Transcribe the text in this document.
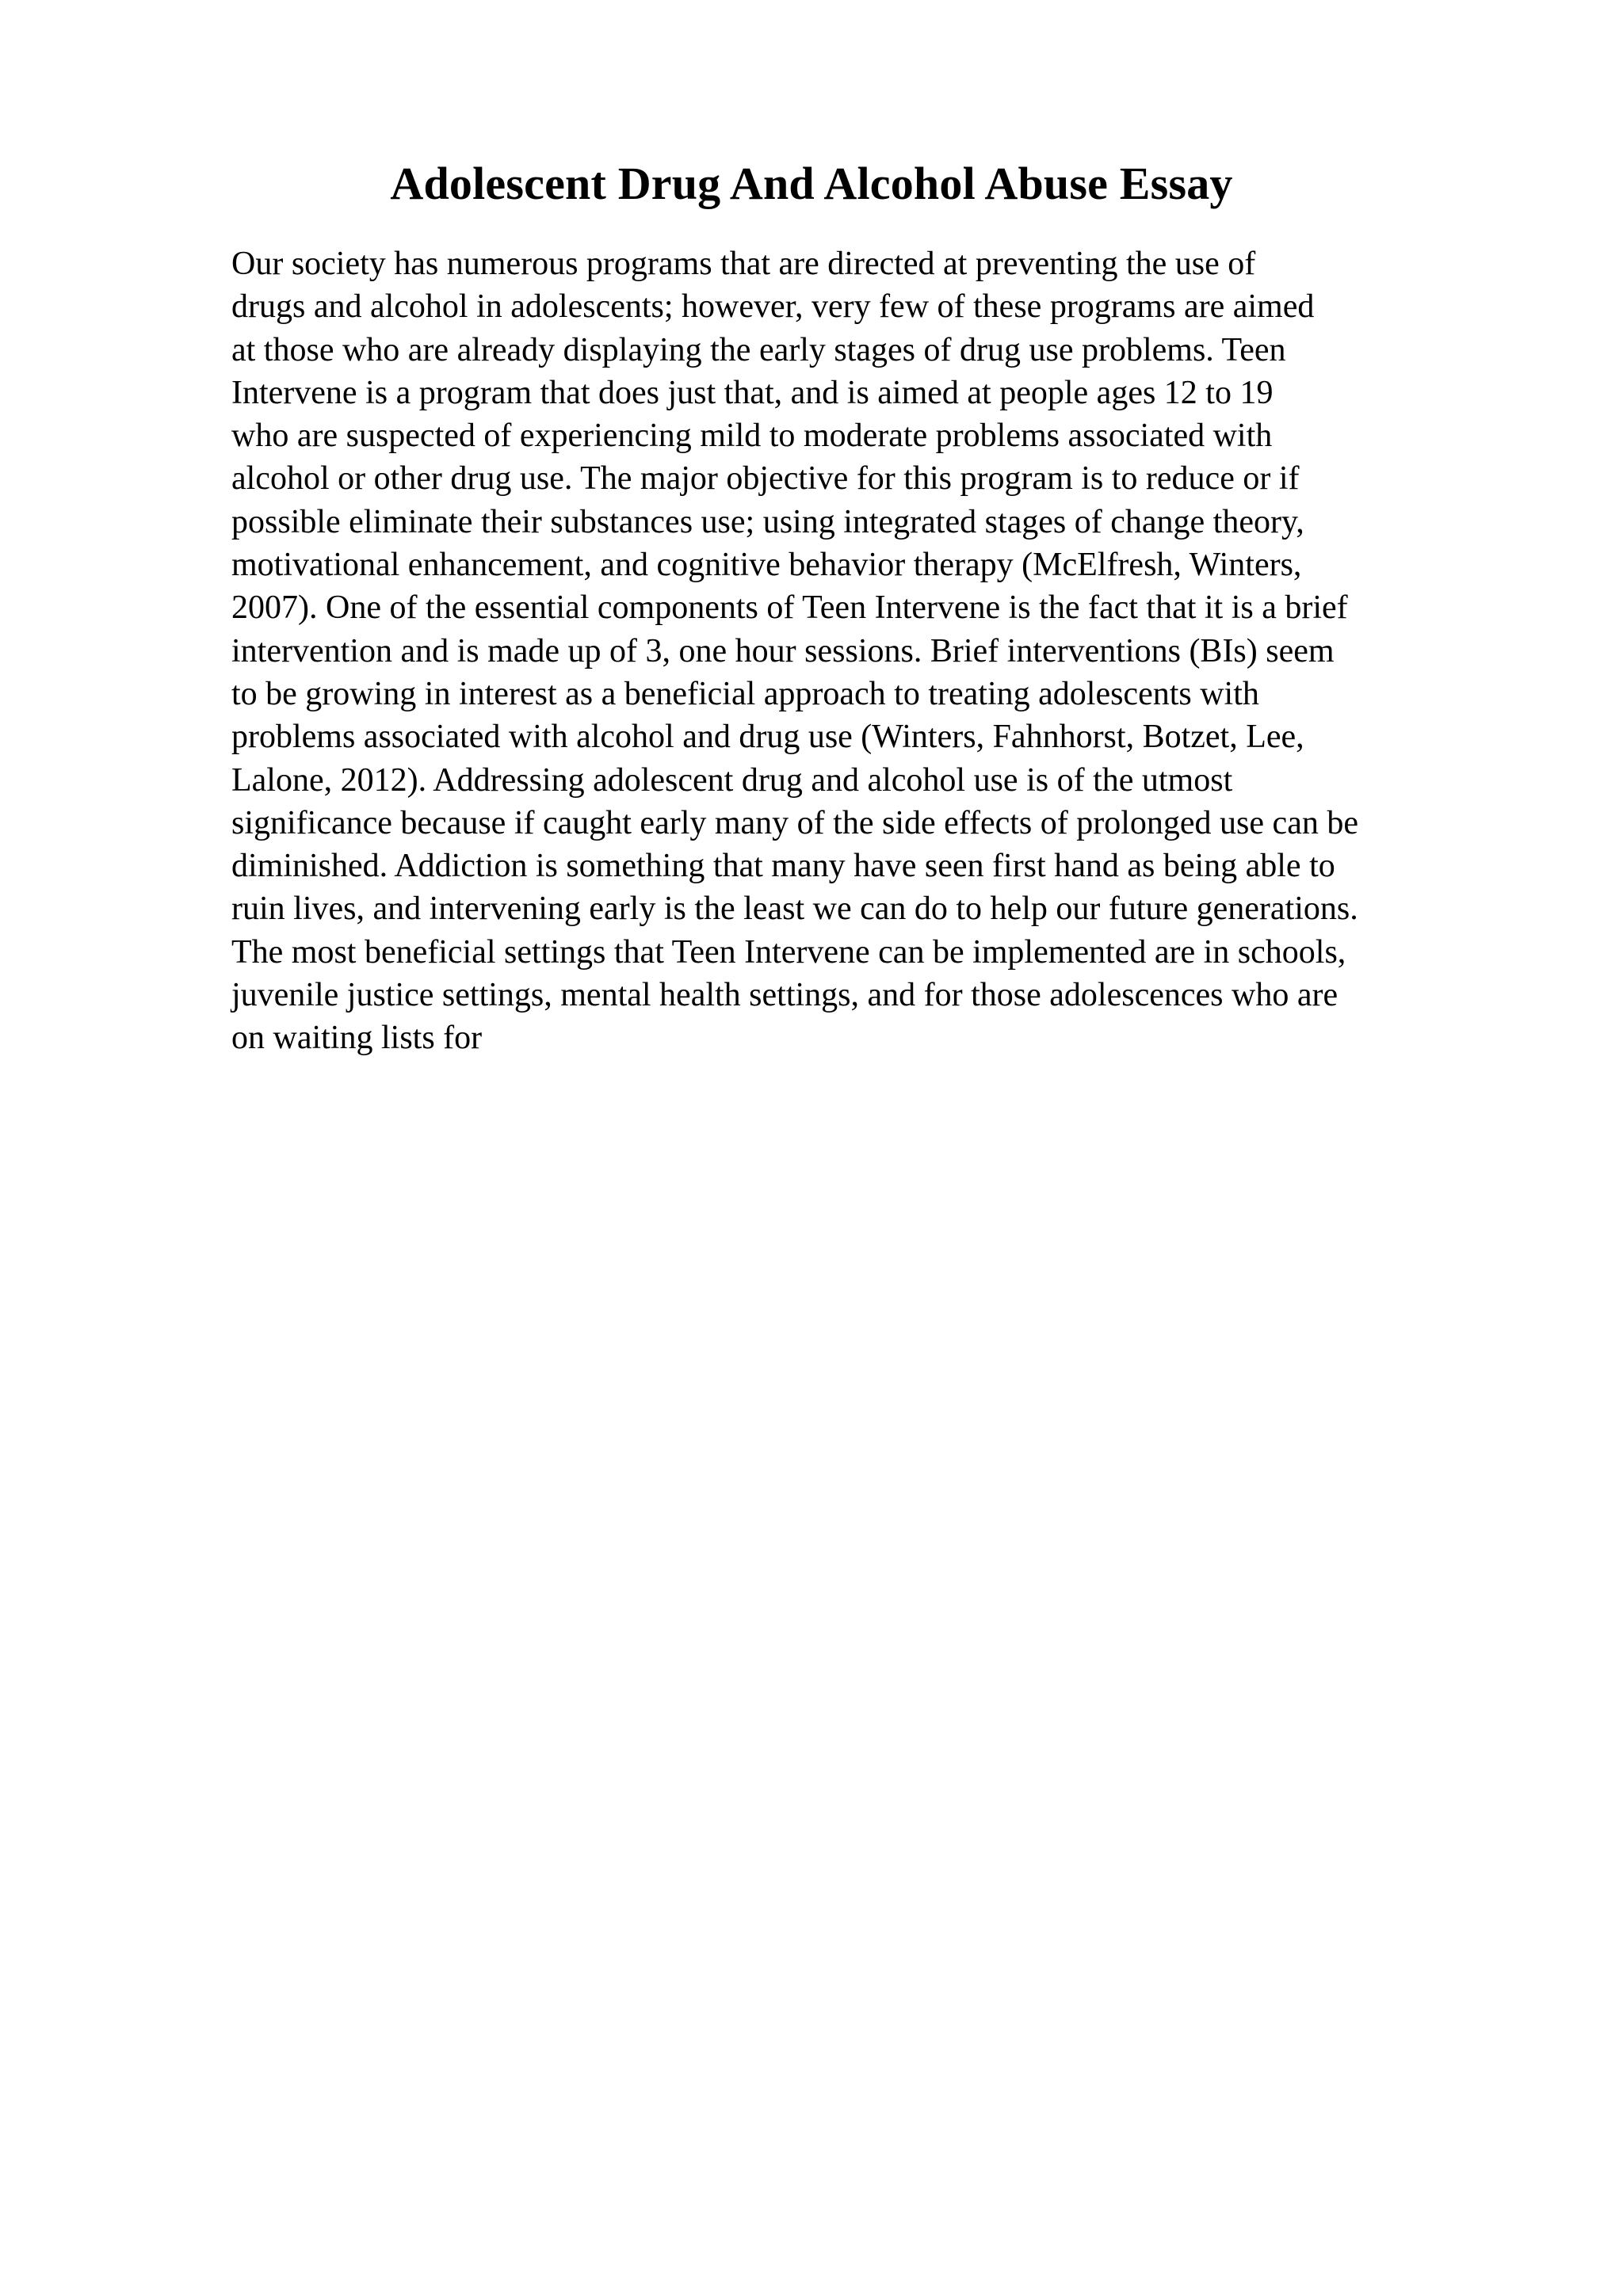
Adolescent Drug And Alcohol Abuse Essay
Our society has numerous programs that are directed at preventing the use of
drugs and alcohol in adolescents; however, very few of these programs are aimed
at those who are already displaying the early stages of drug use problems. Teen
Intervene is a program that does just that, and is aimed at people ages 12 to 19
who are suspected of experiencing mild to moderate problems associated with
alcohol or other drug use. The major objective for this program is to reduce or if
possible eliminate their substances use; using integrated stages of change theory,
motivational enhancement, and cognitive behavior therapy (McElfresh, Winters,
2007). One of the essential components of Teen Intervene is the fact that it is a brief
intervention and is made up of 3, one hour sessions. Brief interventions (BIs) seem
to be growing in interest as a beneficial approach to treating adolescents with
problems associated with alcohol and drug use (Winters, Fahnhorst, Botzet, Lee,
Lalone, 2012). Addressing adolescent drug and alcohol use is of the utmost
significance because if caught early many of the side effects of prolonged use can be
diminished. Addiction is something that many have seen first hand as being able to
ruin lives, and intervening early is the least we can do to help our future generations.
The most beneficial settings that Teen Intervene can be implemented are in schools,
juvenile justice settings, mental health settings, and for those adolescences who are
on waiting lists for
